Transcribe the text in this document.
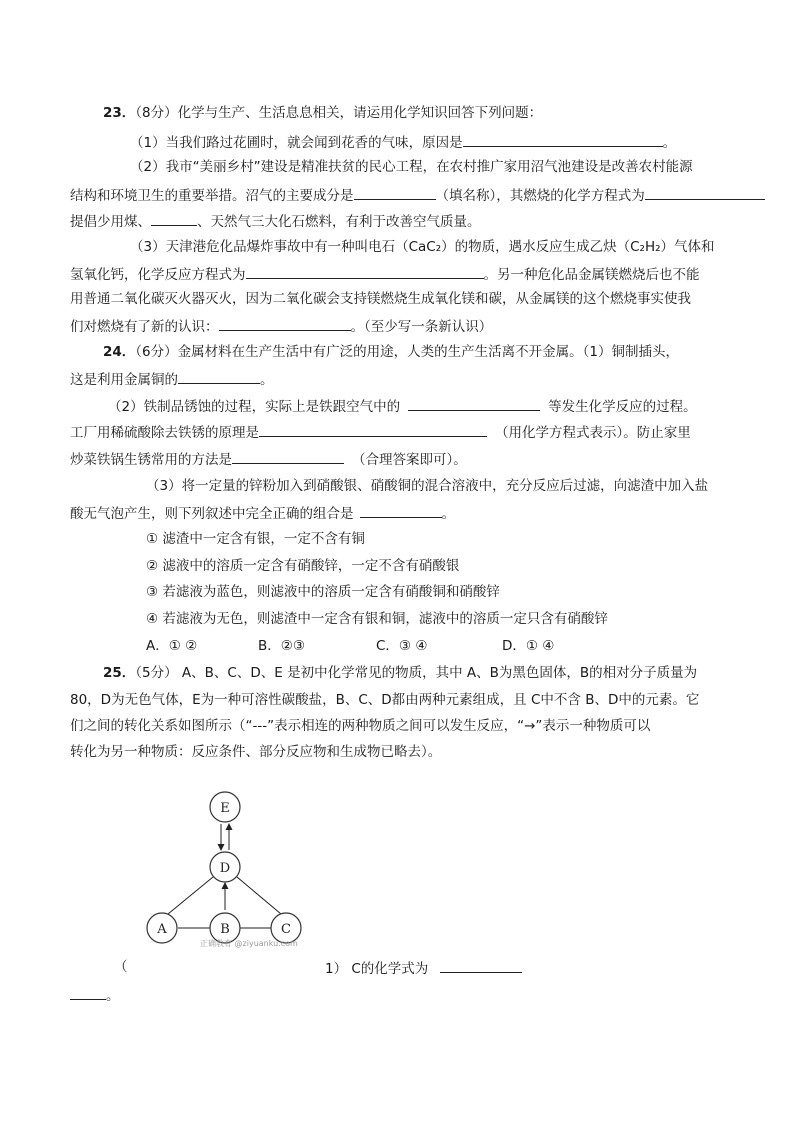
23．（8分）化学与生产、生活息息相关，请运用化学知识回答下列问题：
（1）当我们路过花圃时，就会闻到花香的气味，原因是	。
（2）我市“美丽乡村”建设是精准扶贫的民心工程，在农村推广家用沼气池建设是改善农村能源
结构和环境卫生的重要举措。沼气的主要成分是	（填名称），其燃烧的化学方程式为
提倡少用煤、	、天然气三大化石燃料，有利于改善空气质量。
（3）天津港危化品爆炸事故中有一种叫电石（CaC₂）的物质，遇水反应生成乙炔（C₂H₂）气体和
氢氧化钙，化学反应方程式为	。另一种危化品金属镁燃烧后也不能
用普通二氧化碳灭火器灭火，因为二氧化碳会支持镁燃烧生成氧化镁和碳，从金属镁的这个燃烧事实使我
们对燃烧有了新的认识：	。（至少写一条新认识）
24．（6分）金属材料在生产生活中有广泛的用途，人类的生产生活离不开金属。（1）铜制插头，
这是利用金属铜的	。
（2）铁制品锈蚀的过程，实际上是铁跟空气中的	等发生化学反应的过程。
工厂用稀硫酸除去铁锈的原理是	（用化学方程式表示）。防止家里
炒菜铁锅生锈常用的方法是	（合理答案即可）。
（3）将一定量的锌粉加入到硝酸银、硝酸铜的混合溶液中，充分反应后过滤，向滤渣中加入盐
酸无气泡产生，则下列叙述中完全正确的组合是	。
① 滤渣中一定含有银，一定不含有铜
② 滤液中的溶质一定含有硝酸锌，一定不含有硝酸银
③ 若滤液为蓝色，则滤液中的溶质一定含有硝酸铜和硝酸锌
④ 若滤液为无色，则滤渣中一定含有银和铜，滤液中的溶质一定只含有硝酸锌
A．① ②	B．②③	C．③ ④	D．① ④
25．（5分） A、B、C、D、E 是初中化学常见的物质，其中 A、B为黑色固体，B的相对分子质量为
80，D为无色气体，E为一种可溶性碳酸盐，B、C、D都由两种元素组成，且 C中不含 B、D中的元素。它
们之间的转化关系如图所示（“---”表示相连的两种物质之间可以发生反应，“→”表示一种物质可以
转化为另一种物质：反应条件、部分反应物和生成物已略去）。
E
D
A	B	C
正确教育 @ziyuanku.com
（	1） C的化学式为
。
